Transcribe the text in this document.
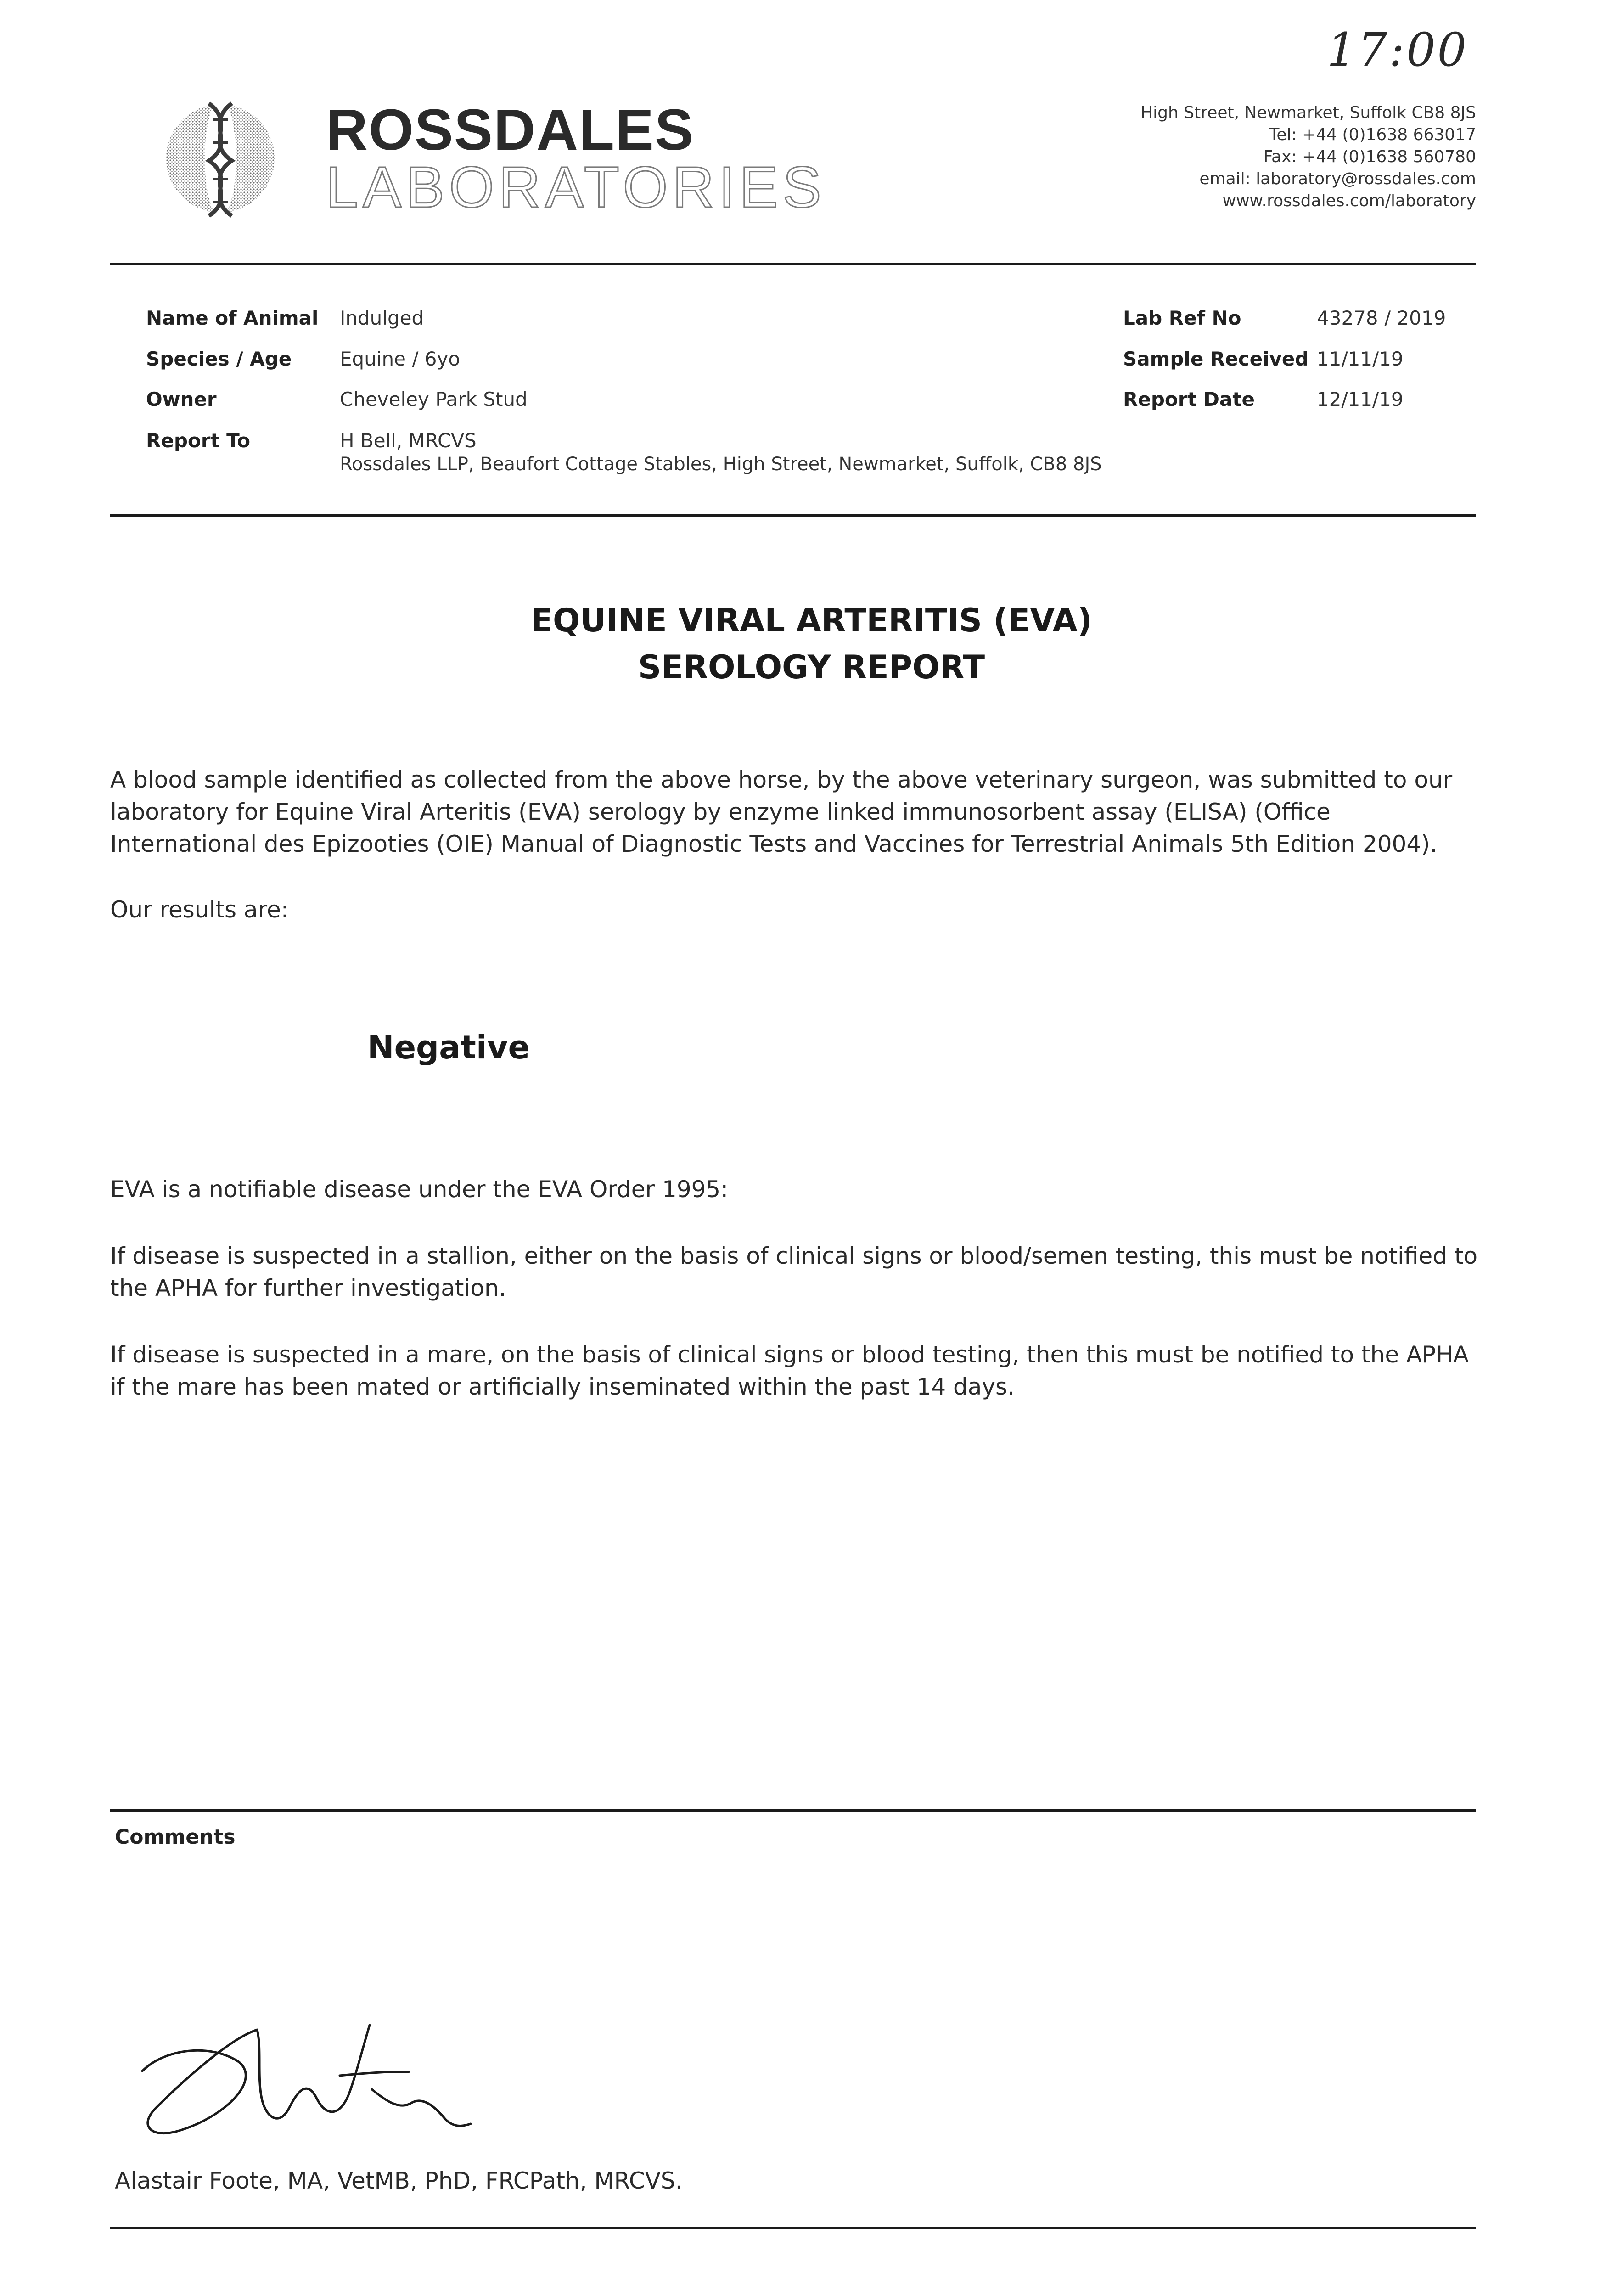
17:00
ROSSDALES
LABORATORIES
High Street, Newmarket, Suffolk CB8 8JS
Tel: +44 (0)1638 663017
Fax: +44 (0)1638 560780
email: laboratory@rossdales.com
www.rossdales.com/laboratory
Name of Animal Indulged
Species / Age Equine / 6yo
Owner	Cheveley Park Stud
Report To	H Bell, MRCVS
Rossdales LLP, Beaufort Cottage Stables, High Street, Newmarket, Suffolk, CB8 8JS
Lab Ref No	43278 / 2019
Sample Received 11/11/19
Report Date	12/11/19
EQUINE VIRAL ARTERITIS (EVA)
SEROLOGY REPORT
A blood sample identified as collected from the above horse, by the above veterinary surgeon, was submitted to our laboratory for Equine Viral Arteritis (EVA) serology by enzyme linked immunosorbent assay (ELISA) (Office International des Epizooties (OIE) Manual of Diagnostic Tests and Vaccines for Terrestrial Animals 5th Edition 2004).
Our results are:
Negative
EVA is a notifiable disease under the EVA Order 1995:
If disease is suspected in a stallion, either on the basis of clinical signs or blood/semen testing, this must be notified to the APHA for further investigation.
If disease is suspected in a mare, on the basis of clinical signs or blood testing, then this must be notified to the APHA if the mare has been mated or artificially inseminated within the past 14 days.
Comments
Alastair Foote, MA, VetMB, PhD, FRCPath, MRCVS.
